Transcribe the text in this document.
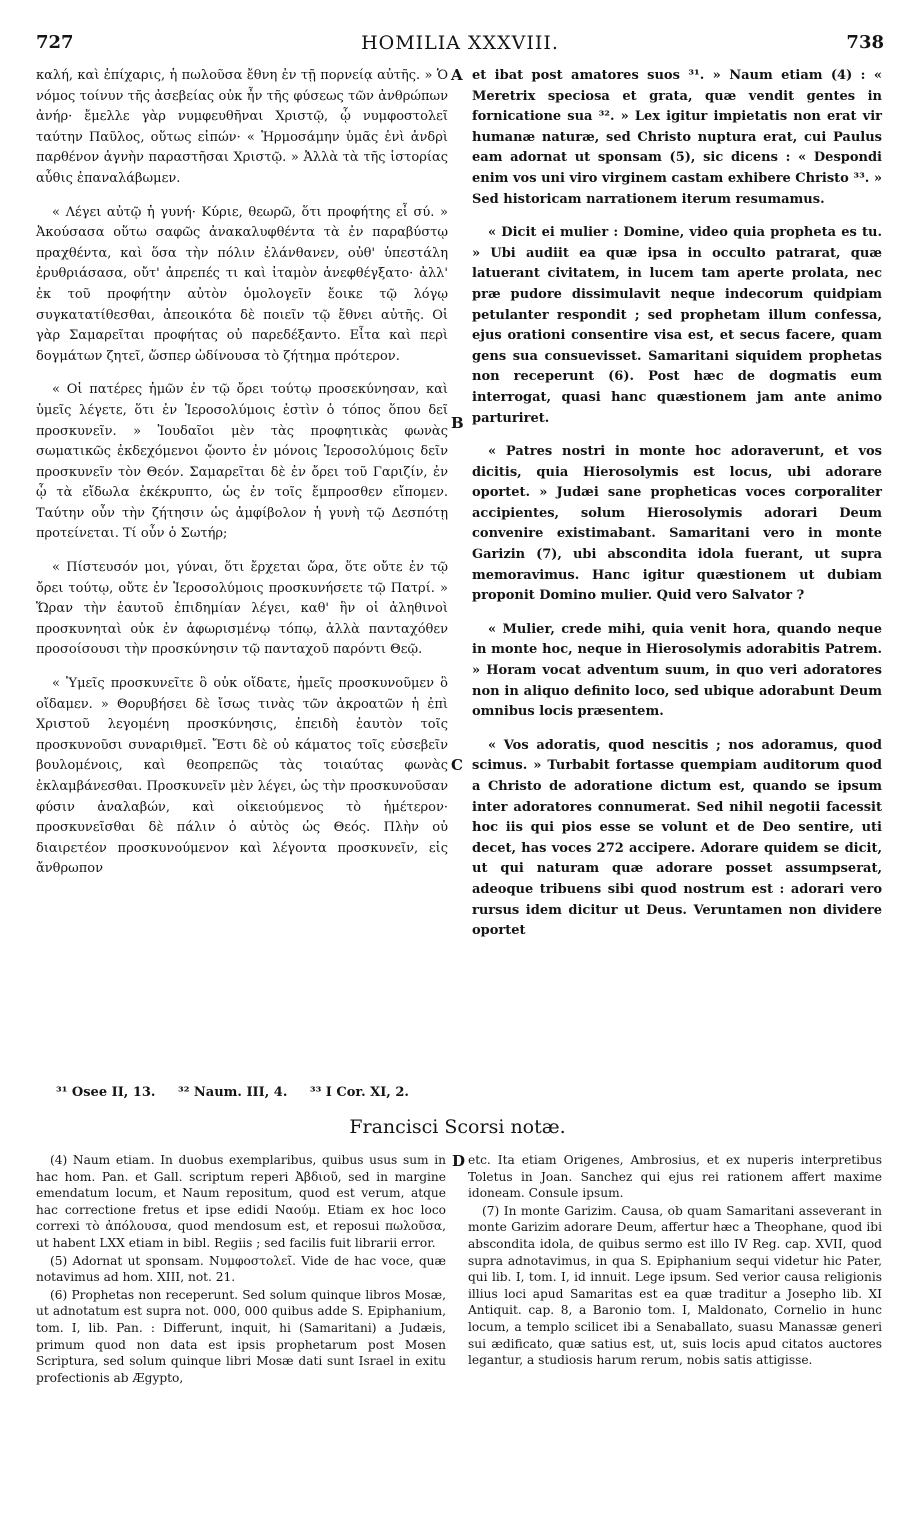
727	HOMILIA XXXVIII.	738

καλή, καὶ ἐπίχαρις, ἡ πωλοῦσα ἔθνη ἐν τῇ πορνείᾳ αὐτῆς. » Ὁ νόμος τοίνυν τῆς ἀσεβείας οὐκ ἦν τῆς φύσεως τῶν ἀνθρώπων ἀνήρ· ἔμελλε γὰρ νυμφευθῆναι Χριστῷ, ᾧ νυμφοστολεῖ ταύτην Παῦλος, οὕτως εἰπών· « Ἡρμοσάμην ὑμᾶς ἑνὶ ἀνδρὶ παρθένον ἁγνὴν παραστῆσαι Χριστῷ. » Ἀλλὰ τὰ τῆς ἱστορίας αὖθις ἐπαναλάβωμεν.

« Λέγει αὐτῷ ἡ γυνή· Κύριε, θεωρῶ, ὅτι προφήτης εἶ σύ. » Ἀκούσασα οὕτω σαφῶς ἀνακαλυφθέντα τὰ ἐν παραβύστῳ πραχθέντα, καὶ ὅσα τὴν πόλιν ἐλάνθανεν, οὐθ' ὑπεστάλη ἐρυθριάσασα, οὔτ' ἀπρεπές τι καὶ ἰταμὸν ἀνεφθέγξατο· ἀλλ' ἐκ τοῦ προφήτην αὐτὸν ὁμολογεῖν ἔοικε τῷ λόγῳ συγκατατίθεσθαι, ἀπεοικότα δὲ ποιεῖν τῷ ἔθνει αὐτῆς. Οἱ γὰρ Σαμαρεῖται προφήτας οὐ παρεδέξαντο. Εἶτα καὶ περὶ δογμάτων ζητεῖ, ὥσπερ ὠδίνουσα τὸ ζήτημα πρότερον.

« Οἱ πατέρες ἡμῶν ἐν τῷ ὄρει τούτῳ προσεκύνησαν, καὶ ὑμεῖς λέγετε, ὅτι ἐν Ἱεροσολύμοις ἐστὶν ὁ τόπος ὅπου δεῖ προσκυνεῖν. » Ἰουδαῖοι μὲν τὰς προφητικὰς φωνὰς σωματικῶς ἐκδεχόμενοι ᾤοντο ἐν μόνοις Ἱεροσολύμοις δεῖν προσκυνεῖν τὸν Θεόν. Σαμαρεῖται δὲ ἐν ὄρει τοῦ Γαριζίν, ἐν ᾧ τὰ εἴδωλα ἐκέκρυπτο, ὡς ἐν τοῖς ἔμπροσθεν εἴπομεν. Ταύτην οὖν τὴν ζήτησιν ὡς ἀμφίβολον ἡ γυνὴ τῷ Δεσπότῃ προτείνεται. Τί οὖν ὁ Σωτήρ;

« Πίστευσόν μοι, γύναι, ὅτι ἔρχεται ὥρα, ὅτε οὔτε ἐν τῷ ὄρει τούτῳ, οὔτε ἐν Ἱεροσολύμοις προσκυνήσετε τῷ Πατρί. » Ὥραν τὴν ἑαυτοῦ ἐπιδημίαν λέγει, καθ' ἣν οἱ ἀληθινοὶ προσκυνηταὶ οὐκ ἐν ἀφωρισμένῳ τόπῳ, ἀλλὰ πανταχόθεν προσοίσουσι τὴν προσκύνησιν τῷ πανταχοῦ παρόντι Θεῷ.

« Ὑμεῖς προσκυνεῖτε ὃ οὐκ οἴδατε, ἡμεῖς προσκυνοῦμεν ὃ οἴδαμεν. » Θορυβήσει δὲ ἴσως τινὰς τῶν ἀκροατῶν ἡ ἐπὶ Χριστοῦ λεγομένη προσκύνησις, ἐπειδὴ ἑαυτὸν τοῖς προσκυνοῦσι συναριθμεῖ. Ἔστι δὲ οὐ κάματος τοῖς εὐσεβεῖν βουλομένοις, καὶ θεοπρεπῶς τὰς τοιαύτας φωνὰς ἐκλαμβάνεσθαι. Προσκυνεῖν μὲν λέγει, ὡς τὴν προσκυνοῦσαν φύσιν ἀναλαβών, καὶ οἰκειούμενος τὸ ἡμέτερον· προσκυνεῖσθαι δὲ πάλιν ὁ αὐτὸς ὡς Θεός. Πλὴν οὐ διαιρετέον προσκυνούμενον καὶ λέγοντα προσκυνεῖν, εἰς ἄνθρωπον

A
B
C

et ibat post amatores suos ³¹. » Naum etiam (4) : « Meretrix speciosa et grata, quæ vendit gentes in fornicatione sua ³². » Lex igitur impietatis non erat vir humanæ naturæ, sed Christo nuptura erat, cui Paulus eam adornat ut sponsam (5), sic dicens : « Despondi enim vos uni viro virginem castam exhibere Christo ³³. » Sed historicam narrationem iterum resumamus.

« Dicit ei mulier : Domine, video quia propheta es tu. » Ubi audiit ea quæ ipsa in occulto patrarat, quæ latuerant civitatem, in lucem tam aperte prolata, nec præ pudore dissimulavit neque indecorum quidpiam petulanter respondit ; sed prophetam illum confessa, ejus orationi consentire visa est, et secus facere, quam gens sua consuevisset. Samaritani siquidem prophetas non receperunt (6). Post hæc de dogmatis eum interrogat, quasi hanc quæstionem jam ante animo parturiret.

« Patres nostri in monte hoc adoraverunt, et vos dicitis, quia Hierosolymis est locus, ubi adorare oportet. » Judæi sane propheticas voces corporaliter accipientes, solum Hierosolymis adorari Deum convenire existimabant. Samaritani vero in monte Garizin (7), ubi abscondita idola fuerant, ut supra memoravimus. Hanc igitur quæstionem ut dubiam proponit Domino mulier. Quid vero Salvator ?

« Mulier, crede mihi, quia venit hora, quando neque in monte hoc, neque in Hierosolymis adorabitis Patrem. » Horam vocat adventum suum, in quo veri adoratores non in aliquo definito loco, sed ubique adorabunt Deum omnibus locis præsentem.

« Vos adoratis, quod nescitis ; nos adoramus, quod scimus. » Turbabit fortasse quempiam auditorum quod a Christo de adoratione dictum est, quando se ipsum inter adoratores connumerat. Sed nihil negotii facessit hoc iis qui pios esse se volunt et de Deo sentire, uti decet, has voces 272 accipere. Adorare quidem se dicit, ut qui naturam quæ adorare posset assumpserat, adeoque tribuens sibi quod nostrum est : adorari vero rursus idem dicitur ut Deus. Veruntamen non dividere oportet

³¹ Osee II, 13. ³² Naum. III, 4. ³³ I Cor. XI, 2.
Francisci Scorsi notæ.

(4) Naum etiam. In duobus exemplaribus, quibus usus sum in hac hom. Pan. et Gall. scriptum reperi Ἀβδιοῦ, sed in margine emendatum locum, et Naum repositum, quod est verum, atque hac correctione fretus et ipse edidi Ναούμ. Etiam ex hoc loco correxi τὸ ἀπόλουσα, quod mendosum est, et reposui πωλοῦσα, ut habent LXX etiam in bibl. Regiis ; sed facilis fuit librarii error.

(5) Adornat ut sponsam. Νυμφοστολεῖ. Vide de hac voce, quæ notavimus ad hom. XIII, not. 21.

(6) Prophetas non receperunt. Sed solum quinque libros Mosæ, ut adnotatum est supra not. 000, 000 quibus adde S. Epiphanium, tom. I, lib. Pan. : Differunt, inquit, hi (Samaritani) a Judæis, primum quod non data est ipsis prophetarum post Mosen Scriptura, sed solum quinque libri Mosæ dati sunt Israel in exitu profectionis ab Ægypto,

D etc. Ita etiam Origenes, Ambrosius, et ex nuperis interpretibus Toletus in Joan. Sanchez qui ejus rei rationem affert maxime idoneam. Consule ipsum.

(7) In monte Garizim. Causa, ob quam Samaritani asseverant in monte Garizim adorare Deum, affertur hæc a Theophane, quod ibi abscondita idola, de quibus sermo est illo IV Reg. cap. XVII, quod supra adnotavimus, in qua S. Epiphanium sequi videtur hic Pater, qui lib. I, tom. I, id innuit. Lege ipsum. Sed verior causa religionis illius loci apud Samaritas est ea quæ traditur a Josepho lib. XI Antiquit. cap. 8, a Baronio tom. I, Maldonato, Cornelio in hunc locum, a templo scilicet ibi a Senaballato, suasu Manassæ generi sui ædificato, quæ satius est, ut, suis locis apud citatos auctores legantur, a studiosis harum rerum, nobis satis attigisse.
